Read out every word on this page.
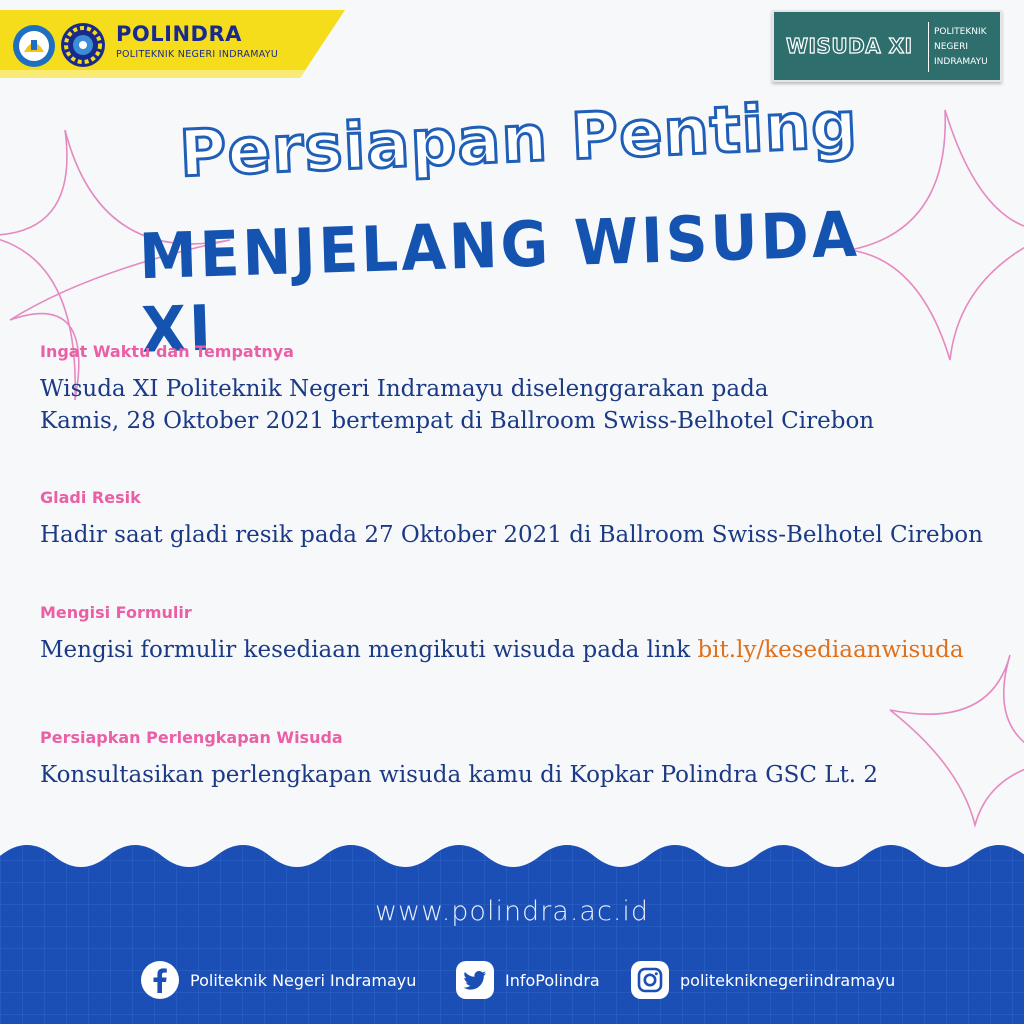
POLINDRA
POLITEKNIK NEGERI INDRAMAYU	WISUDA XI
POLITEKNIK
NEGERI
INDRAMAYU
Persiapan Penting
MENJELANG WISUDA XI
Ingat Waktu dan Tempatnya
Wisuda XI Politeknik Negeri Indramayu diselenggarakan pada
Kamis, 28 Oktober 2021 bertempat di Ballroom Swiss-Belhotel Cirebon
Gladi Resik
Hadir saat gladi resik pada 27 Oktober 2021 di Ballroom Swiss-Belhotel Cirebon
Mengisi Formulir
Mengisi formulir kesediaan mengikuti wisuda pada link bit.ly/kesediaanwisuda
Persiapkan Perlengkapan Wisuda
Konsultasikan perlengkapan wisuda kamu di Kopkar Polindra GSC Lt. 2
www.polindra.ac.id
Politeknik Negeri Indramayu	InfoPolindra	politekniknegeriindramayu
